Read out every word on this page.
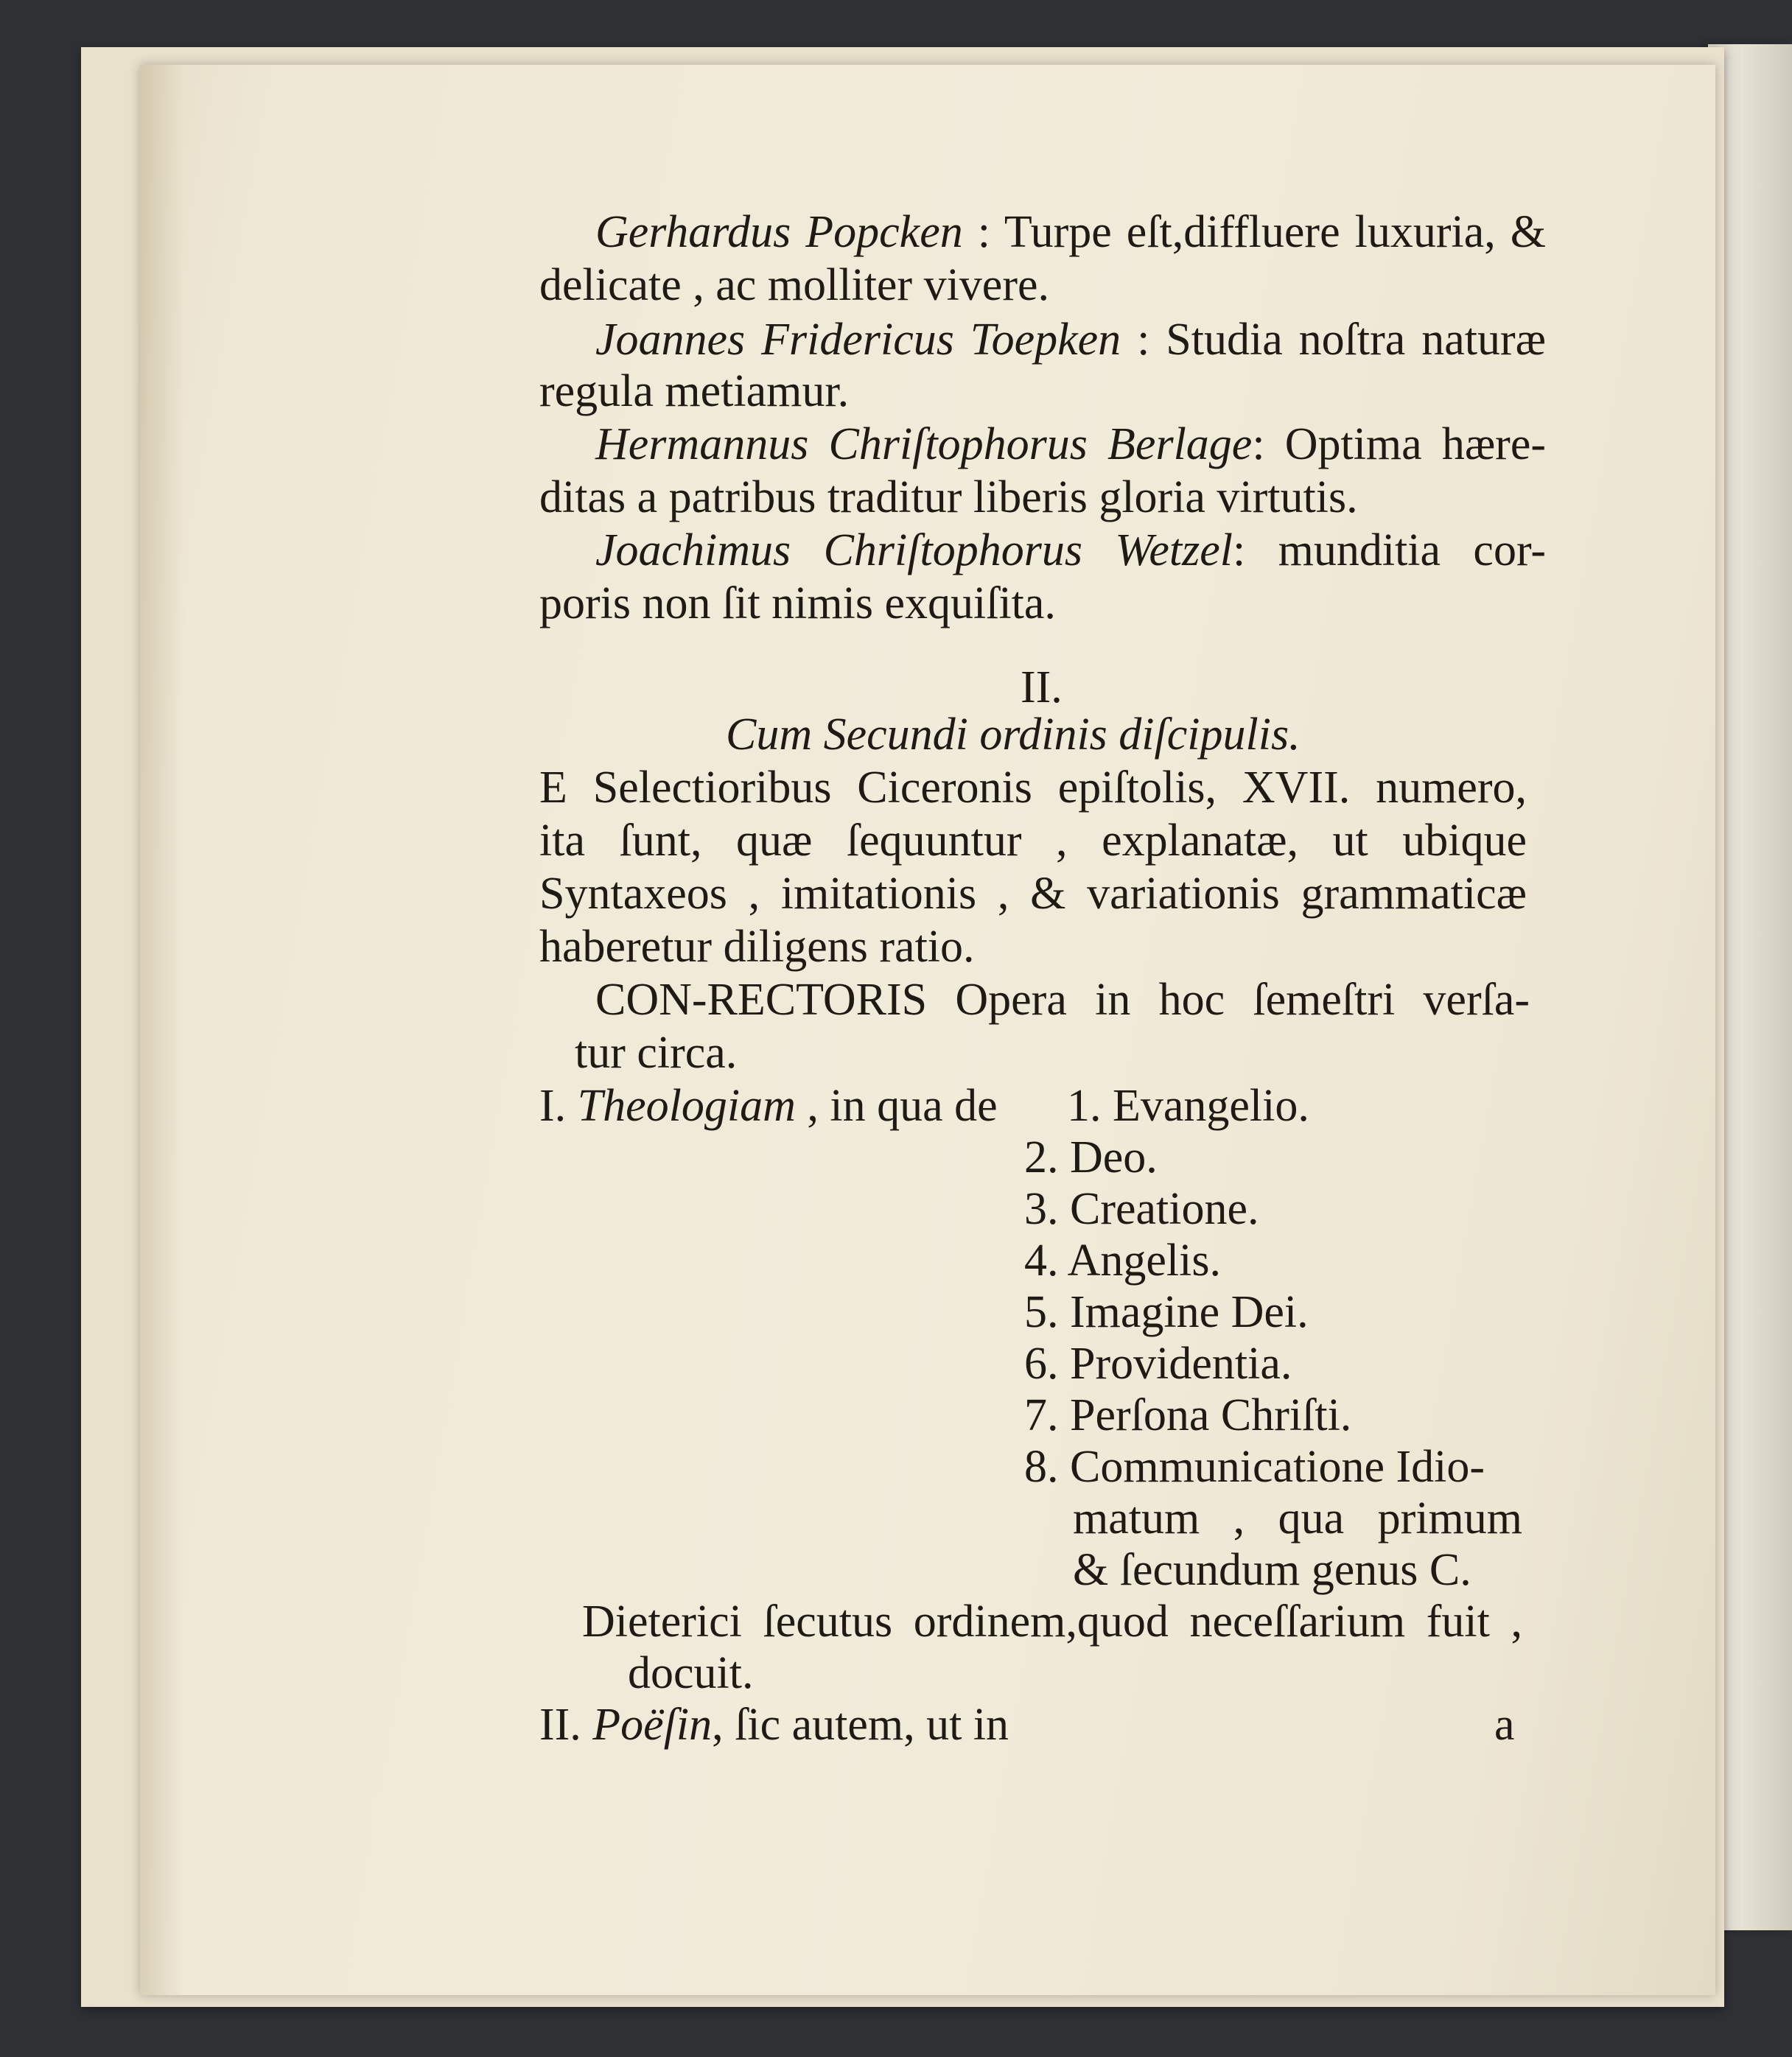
Gerhardus Popcken : Turpe eſt,diffluere luxuria, &
delicate , ac molliter vivere.
Joannes Fridericus Toepken : Studia noſtra naturæ
regula metiamur.
Hermannus Chriſtophorus Berlage: Optima hære-
ditas a patribus traditur liberis gloria virtutis.
Joachimus Chriſtophorus Wetzel: munditia cor-
poris non ſit nimis exquiſita.
II.
Cum Secundi ordinis diſcipulis.
E Selectioribus Ciceronis epiſtolis, XVII. numero,
ita ſunt, quæ ſequuntur , explanatæ, ut ubique
Syntaxeos , imitationis , & variationis grammaticæ
haberetur diligens ratio.
CON-RECTORIS Opera in hoc ſemeſtri verſa-
tur circa.
I. Theologiam , in qua de 1. Evangelio.
2. Deo.
3. Creatione.
4. Angelis.
5. Imagine Dei.
6. Providentia.
7. Perſona Chriſti.
8. Communicatione Idio-
matum , qua primum
& ſecundum genus C.
Dieterici ſecutus ordinem,quod neceſſarium fuit ,
docuit.
II. Poëſin, ſic autem, ut in	a
